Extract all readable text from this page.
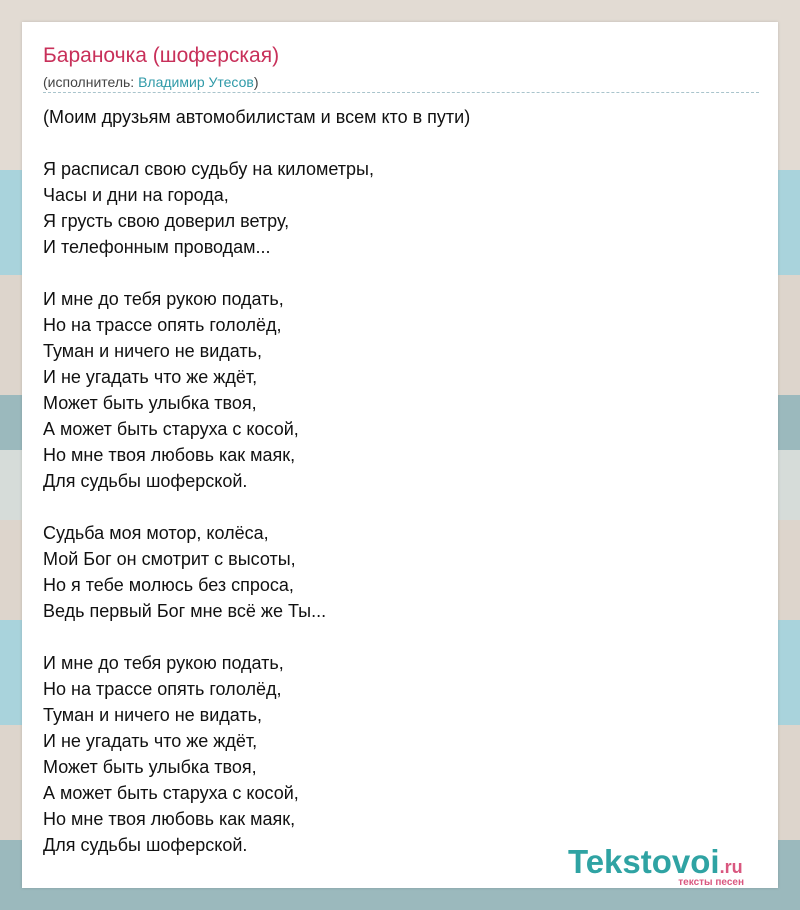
Бараночка (шоферская)
(исполнитель: Владимир Утесов)
(Моим друзьям автомобилистам и всем кто в пути)
Я расписал свою судьбу на километры,
Часы и дни на города,
Я грусть свою доверил ветру,
И телефонным проводам...
И мне до тебя рукою подать,
Но на трассе опять гололёд,
Туман и ничего не видать,
И не угадать что же ждёт,
Может быть улыбка твоя,
А может быть старуха с косой,
Но мне твоя любовь как маяк,
Для судьбы шоферской.
Судьба моя мотор, колёса,
Мой Бог он смотрит с высоты,
Но я тебе молюсь без спроса,
Ведь первый Бог мне всё же Ты...
И мне до тебя рукою подать,
Но на трассе опять гололёд,
Туман и ничего не видать,
И не угадать что же ждёт,
Может быть улыбка твоя,
А может быть старуха с косой,
Но мне твоя любовь как маяк,
Для судьбы шоферской.	Tekstovoi.ru
тексты песен
